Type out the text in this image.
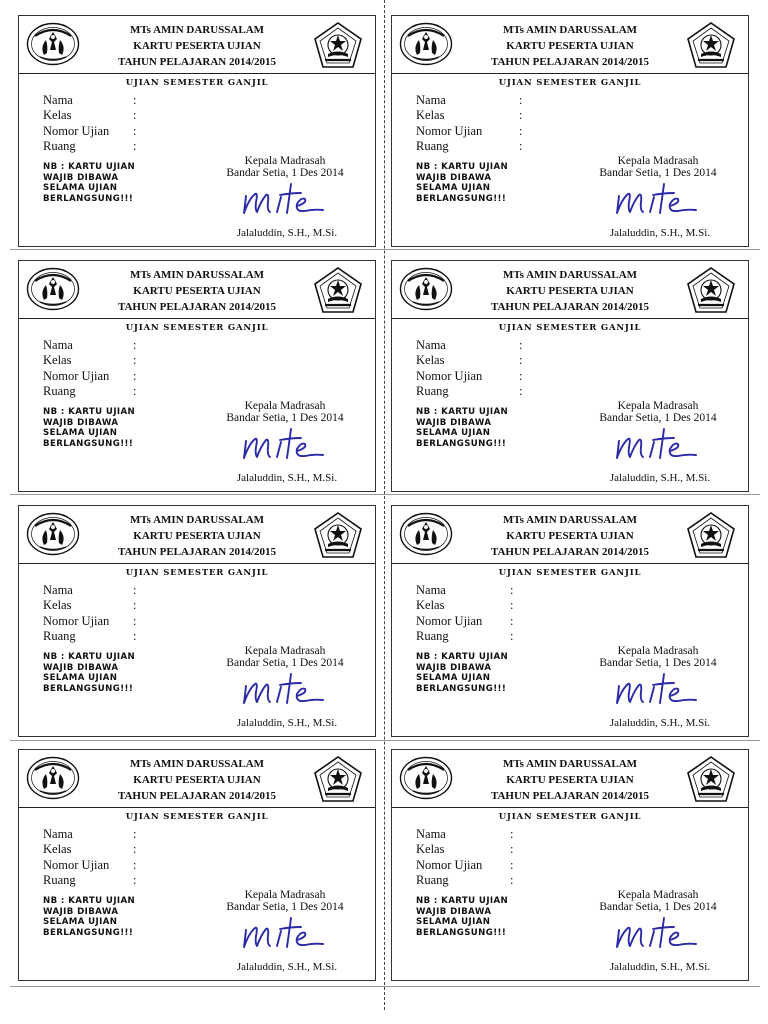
MTs AMIN DARUSSALAM
KARTU PESERTA UJIAN
TAHUN PELAJARAN 2014/2015
UJIAN SEMESTER GANJIL
Nama	:
Kelas	:
Nomor Ujian :
Ruang	:
NB : KARTU UJIAN
WAJIB DIBAWA
SELAMA UJIAN
BERLANGSUNG!!!
Kepala Madrasah
Bandar Setia, 1 Des 2014
Jalaluddin, S.H., M.Si.
MTs AMIN DARUSSALAM
KARTU PESERTA UJIAN
TAHUN PELAJARAN 2014/2015
UJIAN SEMESTER GANJIL
Nama	:
Kelas	:
Nomor Ujian	:
Ruang	:
NB : KARTU UJIAN
WAJIB DIBAWA
SELAMA UJIAN
BERLANGSUNG!!!
Kepala Madrasah
Bandar Setia, 1 Des 2014
Jalaluddin, S.H., M.Si.
MTs AMIN DARUSSALAM
KARTU PESERTA UJIAN
TAHUN PELAJARAN 2014/2015
UJIAN SEMESTER GANJIL
Nama	:
Kelas	:
Nomor Ujian :
Ruang	:
NB : KARTU UJIAN
WAJIB DIBAWA
SELAMA UJIAN
BERLANGSUNG!!!
Kepala Madrasah
Bandar Setia, 1 Des 2014
Jalaluddin, S.H., M.Si.
MTs AMIN DARUSSALAM
KARTU PESERTA UJIAN
TAHUN PELAJARAN 2014/2015
UJIAN SEMESTER GANJIL
Nama	:
Kelas	:
Nomor Ujian	:
Ruang	:
NB : KARTU UJIAN
WAJIB DIBAWA
SELAMA UJIAN
BERLANGSUNG!!!
Kepala Madrasah
Bandar Setia, 1 Des 2014
Jalaluddin, S.H., M.Si.
MTs AMIN DARUSSALAM
KARTU PESERTA UJIAN
TAHUN PELAJARAN 2014/2015
UJIAN SEMESTER GANJIL
Nama	:
Kelas	:
Nomor Ujian :
Ruang	:
NB : KARTU UJIAN
WAJIB DIBAWA
SELAMA UJIAN
BERLANGSUNG!!!
Kepala Madrasah
Bandar Setia, 1 Des 2014
Jalaluddin, S.H., M.Si.
MTs AMIN DARUSSALAM
KARTU PESERTA UJIAN
TAHUN PELAJARAN 2014/2015
UJIAN SEMESTER GANJIL
Nama	:
Kelas	:
Nomor Ujian :
Ruang	:
NB : KARTU UJIAN
WAJIB DIBAWA
SELAMA UJIAN
BERLANGSUNG!!!
Kepala Madrasah
Bandar Setia, 1 Des 2014
Jalaluddin, S.H., M.Si.
MTs AMIN DARUSSALAM
KARTU PESERTA UJIAN
TAHUN PELAJARAN 2014/2015
UJIAN SEMESTER GANJIL
Nama	:
Kelas	:
Nomor Ujian :
Ruang	:
NB : KARTU UJIAN
WAJIB DIBAWA
SELAMA UJIAN
BERLANGSUNG!!!
Kepala Madrasah
Bandar Setia, 1 Des 2014
Jalaluddin, S.H., M.Si.
MTs AMIN DARUSSALAM
KARTU PESERTA UJIAN
TAHUN PELAJARAN 2014/2015
UJIAN SEMESTER GANJIL
Nama	:
Kelas	:
Nomor Ujian :
Ruang	:
NB : KARTU UJIAN
WAJIB DIBAWA
SELAMA UJIAN
BERLANGSUNG!!!
Kepala Madrasah
Bandar Setia, 1 Des 2014
Jalaluddin, S.H., M.Si.
